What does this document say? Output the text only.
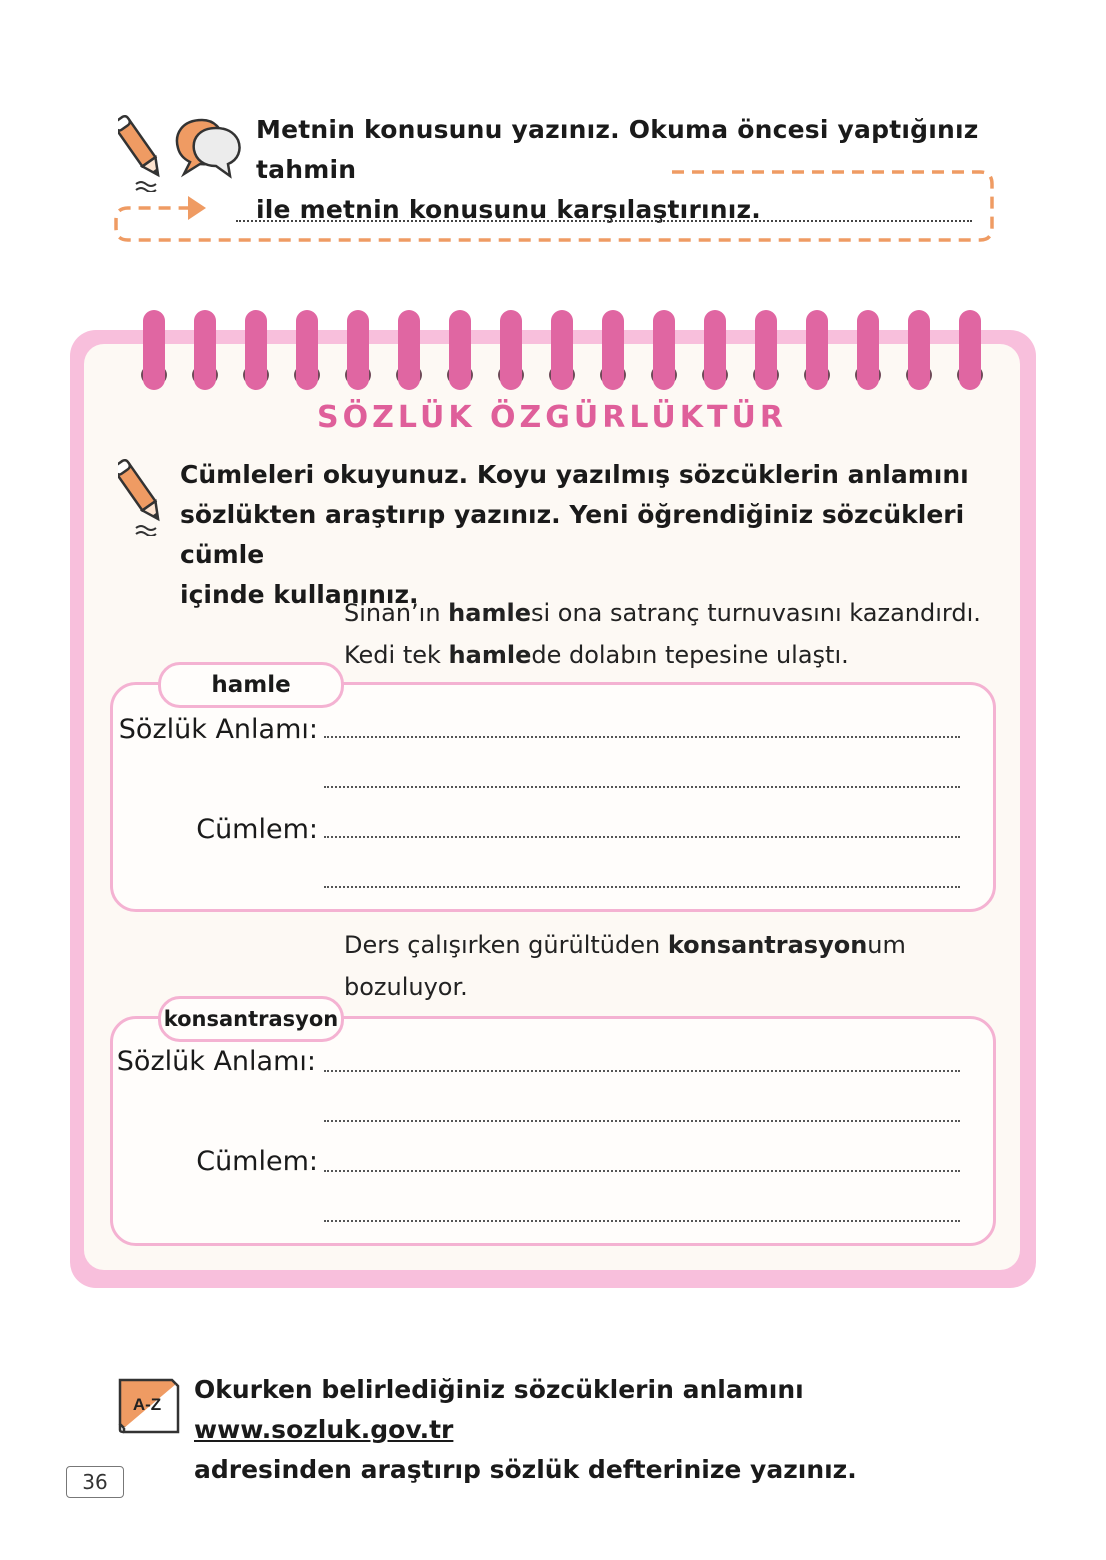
Metnin konusunu yazınız. Okuma öncesi yaptığınız tahmin
ile metnin konusunu karşılaştırınız.
SÖZLÜK ÖZGÜRLÜKTÜR
Cümleleri okuyunuz. Koyu yazılmış sözcüklerin anlamını
sözlükten araştırıp yazınız. Yeni öğrendiğiniz sözcükleri cümle
içinde kullanınız.
Sinan’ın hamlesi ona satranç turnuvasını kazandırdı.
Kedi tek hamlede dolabın tepesine ulaştı.
hamle
Sözlük Anlamı:
Cümlem:
Ders çalışırken gürültüden konsantrasyonum bozuluyor.
konsantrasyon
Sözlük Anlamı:
Cümlem:
A-Z
Okurken belirlediğiniz sözcüklerin anlamını www.sozluk.gov.tr
adresinden araştırıp sözlük defterinize yazınız.
36
